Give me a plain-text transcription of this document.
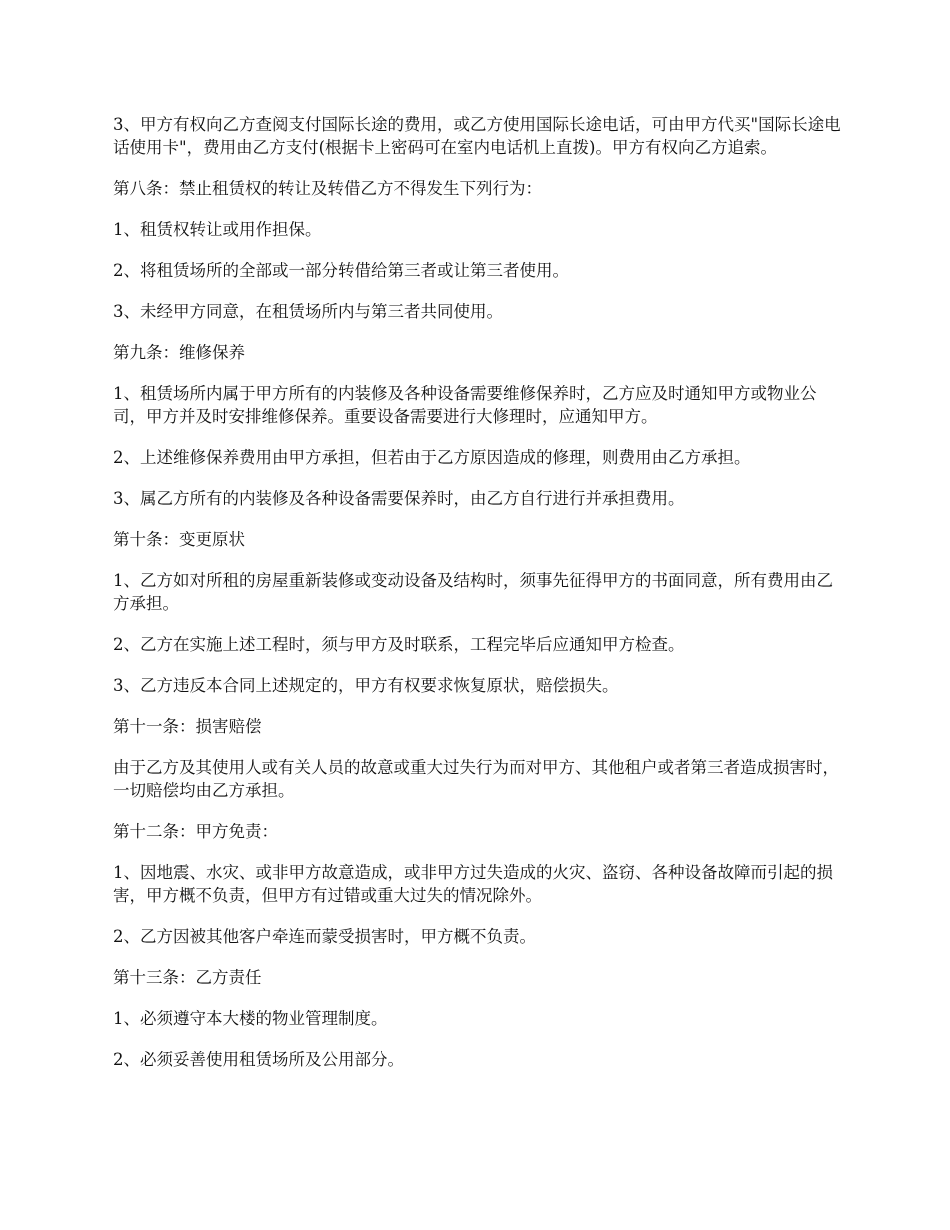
3、甲方有权向乙方查阅支付国际长途的费用，或乙方使用国际长途电话，可由甲方代买"国际长途电话使用卡"，费用由乙方支付(根据卡上密码可在室内电话机上直拨)。甲方有权向乙方追索。

第八条：禁止租赁权的转让及转借乙方不得发生下列行为：

1、租赁权转让或用作担保。

2、将租赁场所的全部或一部分转借给第三者或让第三者使用。

3、未经甲方同意，在租赁场所内与第三者共同使用。

第九条：维修保养

1、租赁场所内属于甲方所有的内装修及各种设备需要维修保养时，乙方应及时通知甲方或物业公司，甲方并及时安排维修保养。重要设备需要进行大修理时，应通知甲方。

2、上述维修保养费用由甲方承担，但若由于乙方原因造成的修理，则费用由乙方承担。

3、属乙方所有的内装修及各种设备需要保养时，由乙方自行进行并承担费用。

第十条：变更原状

1、乙方如对所租的房屋重新装修或变动设备及结构时，须事先征得甲方的书面同意，所有费用由乙方承担。

2、乙方在实施上述工程时，须与甲方及时联系，工程完毕后应通知甲方检查。

3、乙方违反本合同上述规定的，甲方有权要求恢复原状，赔偿损失。

第十一条：损害赔偿

由于乙方及其使用人或有关人员的故意或重大过失行为而对甲方、其他租户或者第三者造成损害时，一切赔偿均由乙方承担。

第十二条：甲方免责：

1、因地震、水灾、或非甲方故意造成，或非甲方过失造成的火灾、盗窃、各种设备故障而引起的损害，甲方概不负责，但甲方有过错或重大过失的情况除外。

2、乙方因被其他客户牵连而蒙受损害时，甲方概不负责。

第十三条：乙方责任

1、必须遵守本大楼的物业管理制度。

2、必须妥善使用租赁场所及公用部分。
